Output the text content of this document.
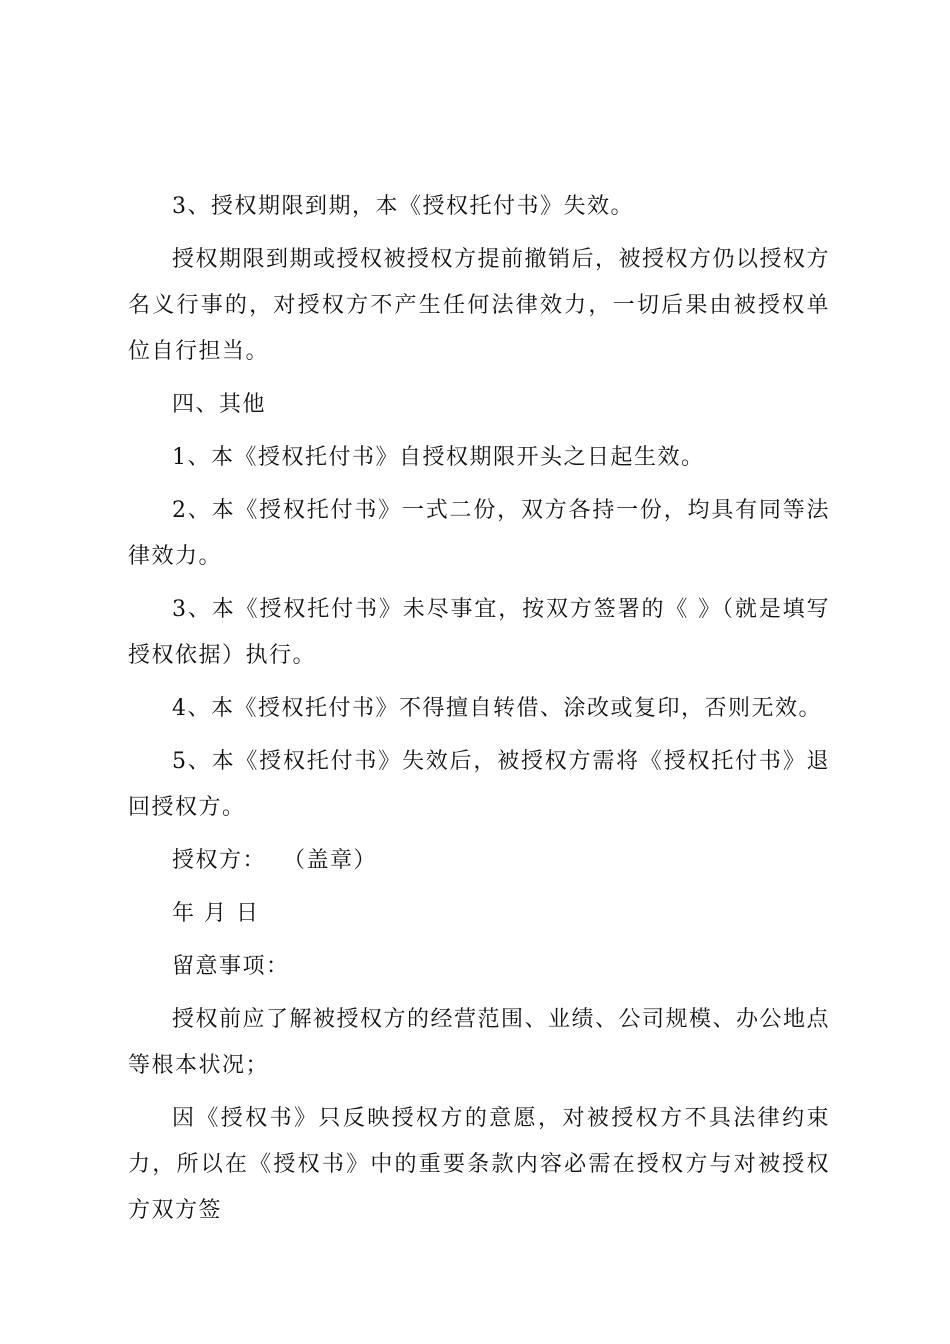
3、授权期限到期，本《授权托付书》失效。

授权期限到期或授权被授权方提前撤销后，被授权方仍以授权方名义行事的，对授权方不产生任何法律效力，一切后果由被授权单位自行担当。

四、其他

1、本《授权托付书》自授权期限开头之日起生效。

2、本《授权托付书》一式二份，双方各持一份，均具有同等法律效力。

3、本《授权托付书》未尽事宜，按双方签署的《 》（就是填写授权依据）执行。

4、本《授权托付书》不得擅自转借、涂改或复印，否则无效。

5、本《授权托付书》失效后，被授权方需将《授权托付书》退回授权方。

授权方：  （盖章）

年 月 日

留意事项：

授权前应了解被授权方的经营范围、业绩、公司规模、办公地点等根本状况；

因《授权书》只反映授权方的意愿，对被授权方不具法律约束力，所以在《授权书》中的重要条款内容必需在授权方与对被授权方双方签
